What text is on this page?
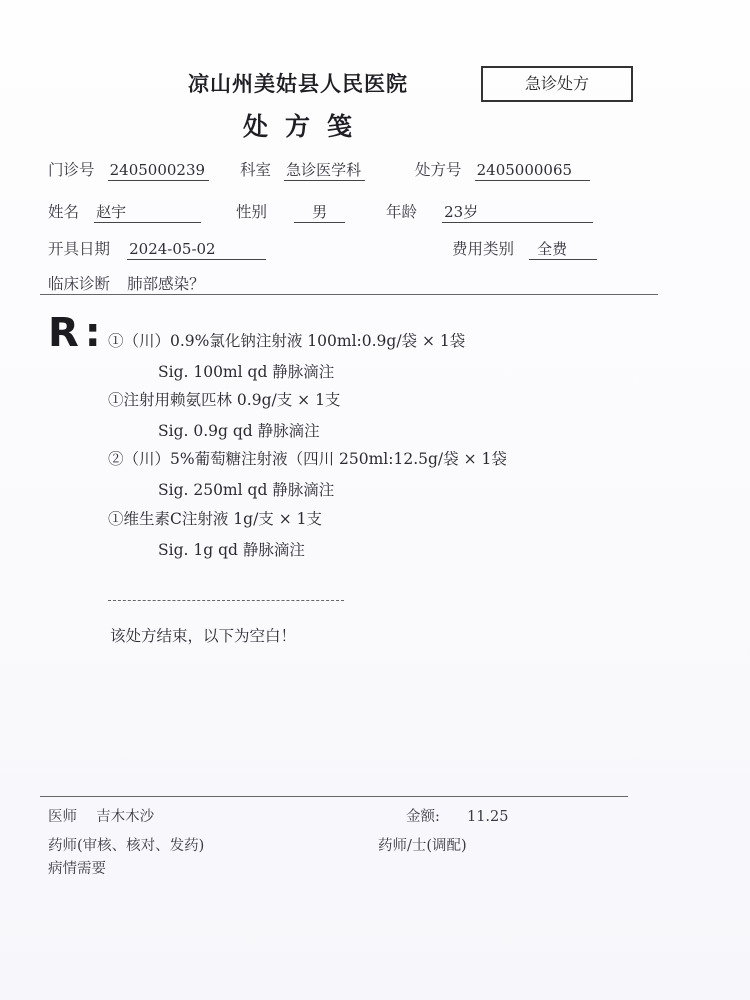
凉山州美姑县人民医院	急诊处方
处方笺
门诊号 2405000239 科室 急诊医学科	处方号 2405000065
姓名 赵宇	性别	男	年龄 23岁
开具日期 2024-05-02	费用类别 全费
临床诊断 肺部感染？
R: ①（川）0.9%氯化钠注射液 100ml:0.9g/袋 × 1袋
Sig. 100ml qd 静脉滴注
①注射用赖氨匹林 0.9g/支 × 1支
Sig. 0.9g qd 静脉滴注
②（川）5%葡萄糖注射液（四川 250ml:12.5g/袋 × 1袋
Sig. 250ml qd 静脉滴注
①维生素C注射液 1g/支 × 1支
Sig. 1g qd 静脉滴注
该处方结束，以下为空白！
医师 吉木木沙	金额: 11.25
药师(审核、核对、发药)	药师/士(调配)
病情需要
